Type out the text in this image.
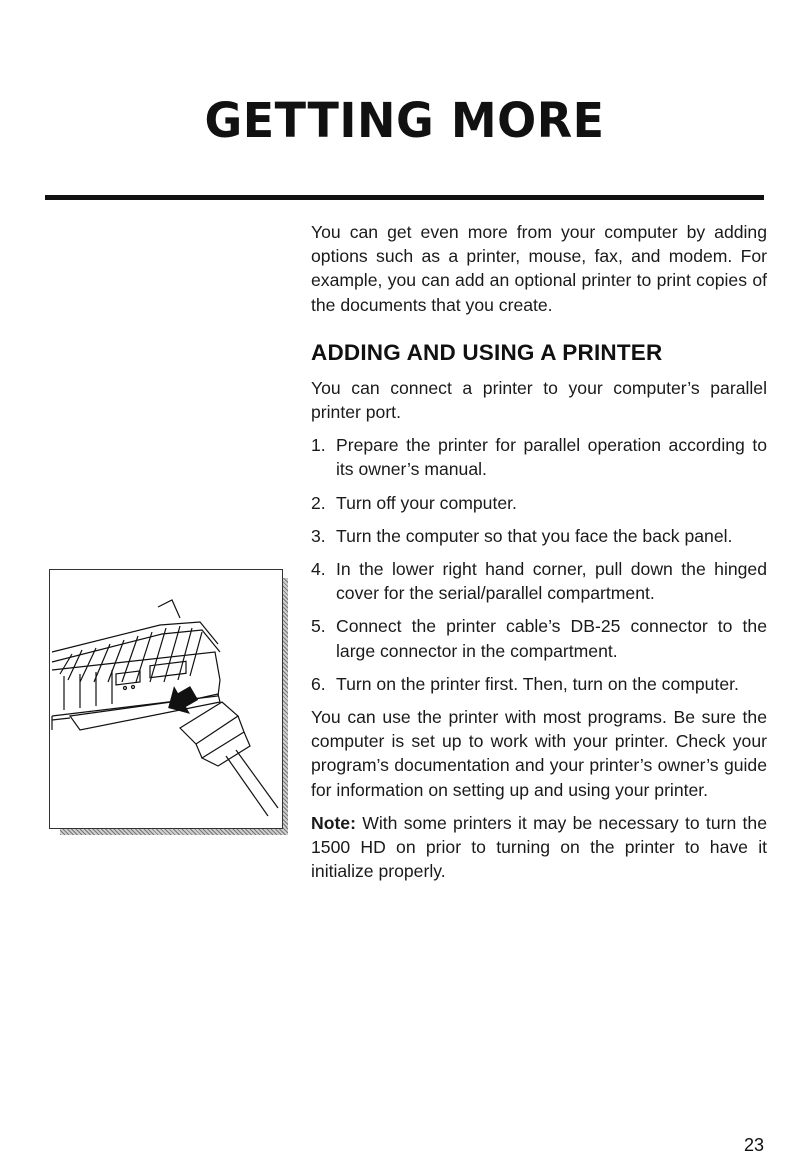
GETTING MORE

You can get even more from your computer by adding options such as a printer, mouse, fax, and modem. For example, you can add an optional printer to print copies of the documents that you create.

ADDING AND USING A PRINTER

You can connect a printer to your computer’s parallel printer port.

1. Prepare the printer for parallel operation according to its owner’s manual.
2. Turn off your computer.
3. Turn the computer so that you face the back panel.
4. In the lower right hand corner, pull down the hinged cover for the serial/parallel compartment.
5. Connect the printer cable’s DB-25 connector to the large connector in the compartment.
6. Turn on the printer first. Then, turn on the computer.

You can use the printer with most programs. Be sure the computer is set up to work with your printer. Check your program’s documentation and your printer’s owner’s guide for information on setting up and using your printer.

Note: With some printers it may be necessary to turn the 1500 HD on prior to turning on the printer to have it initialize properly.

23
